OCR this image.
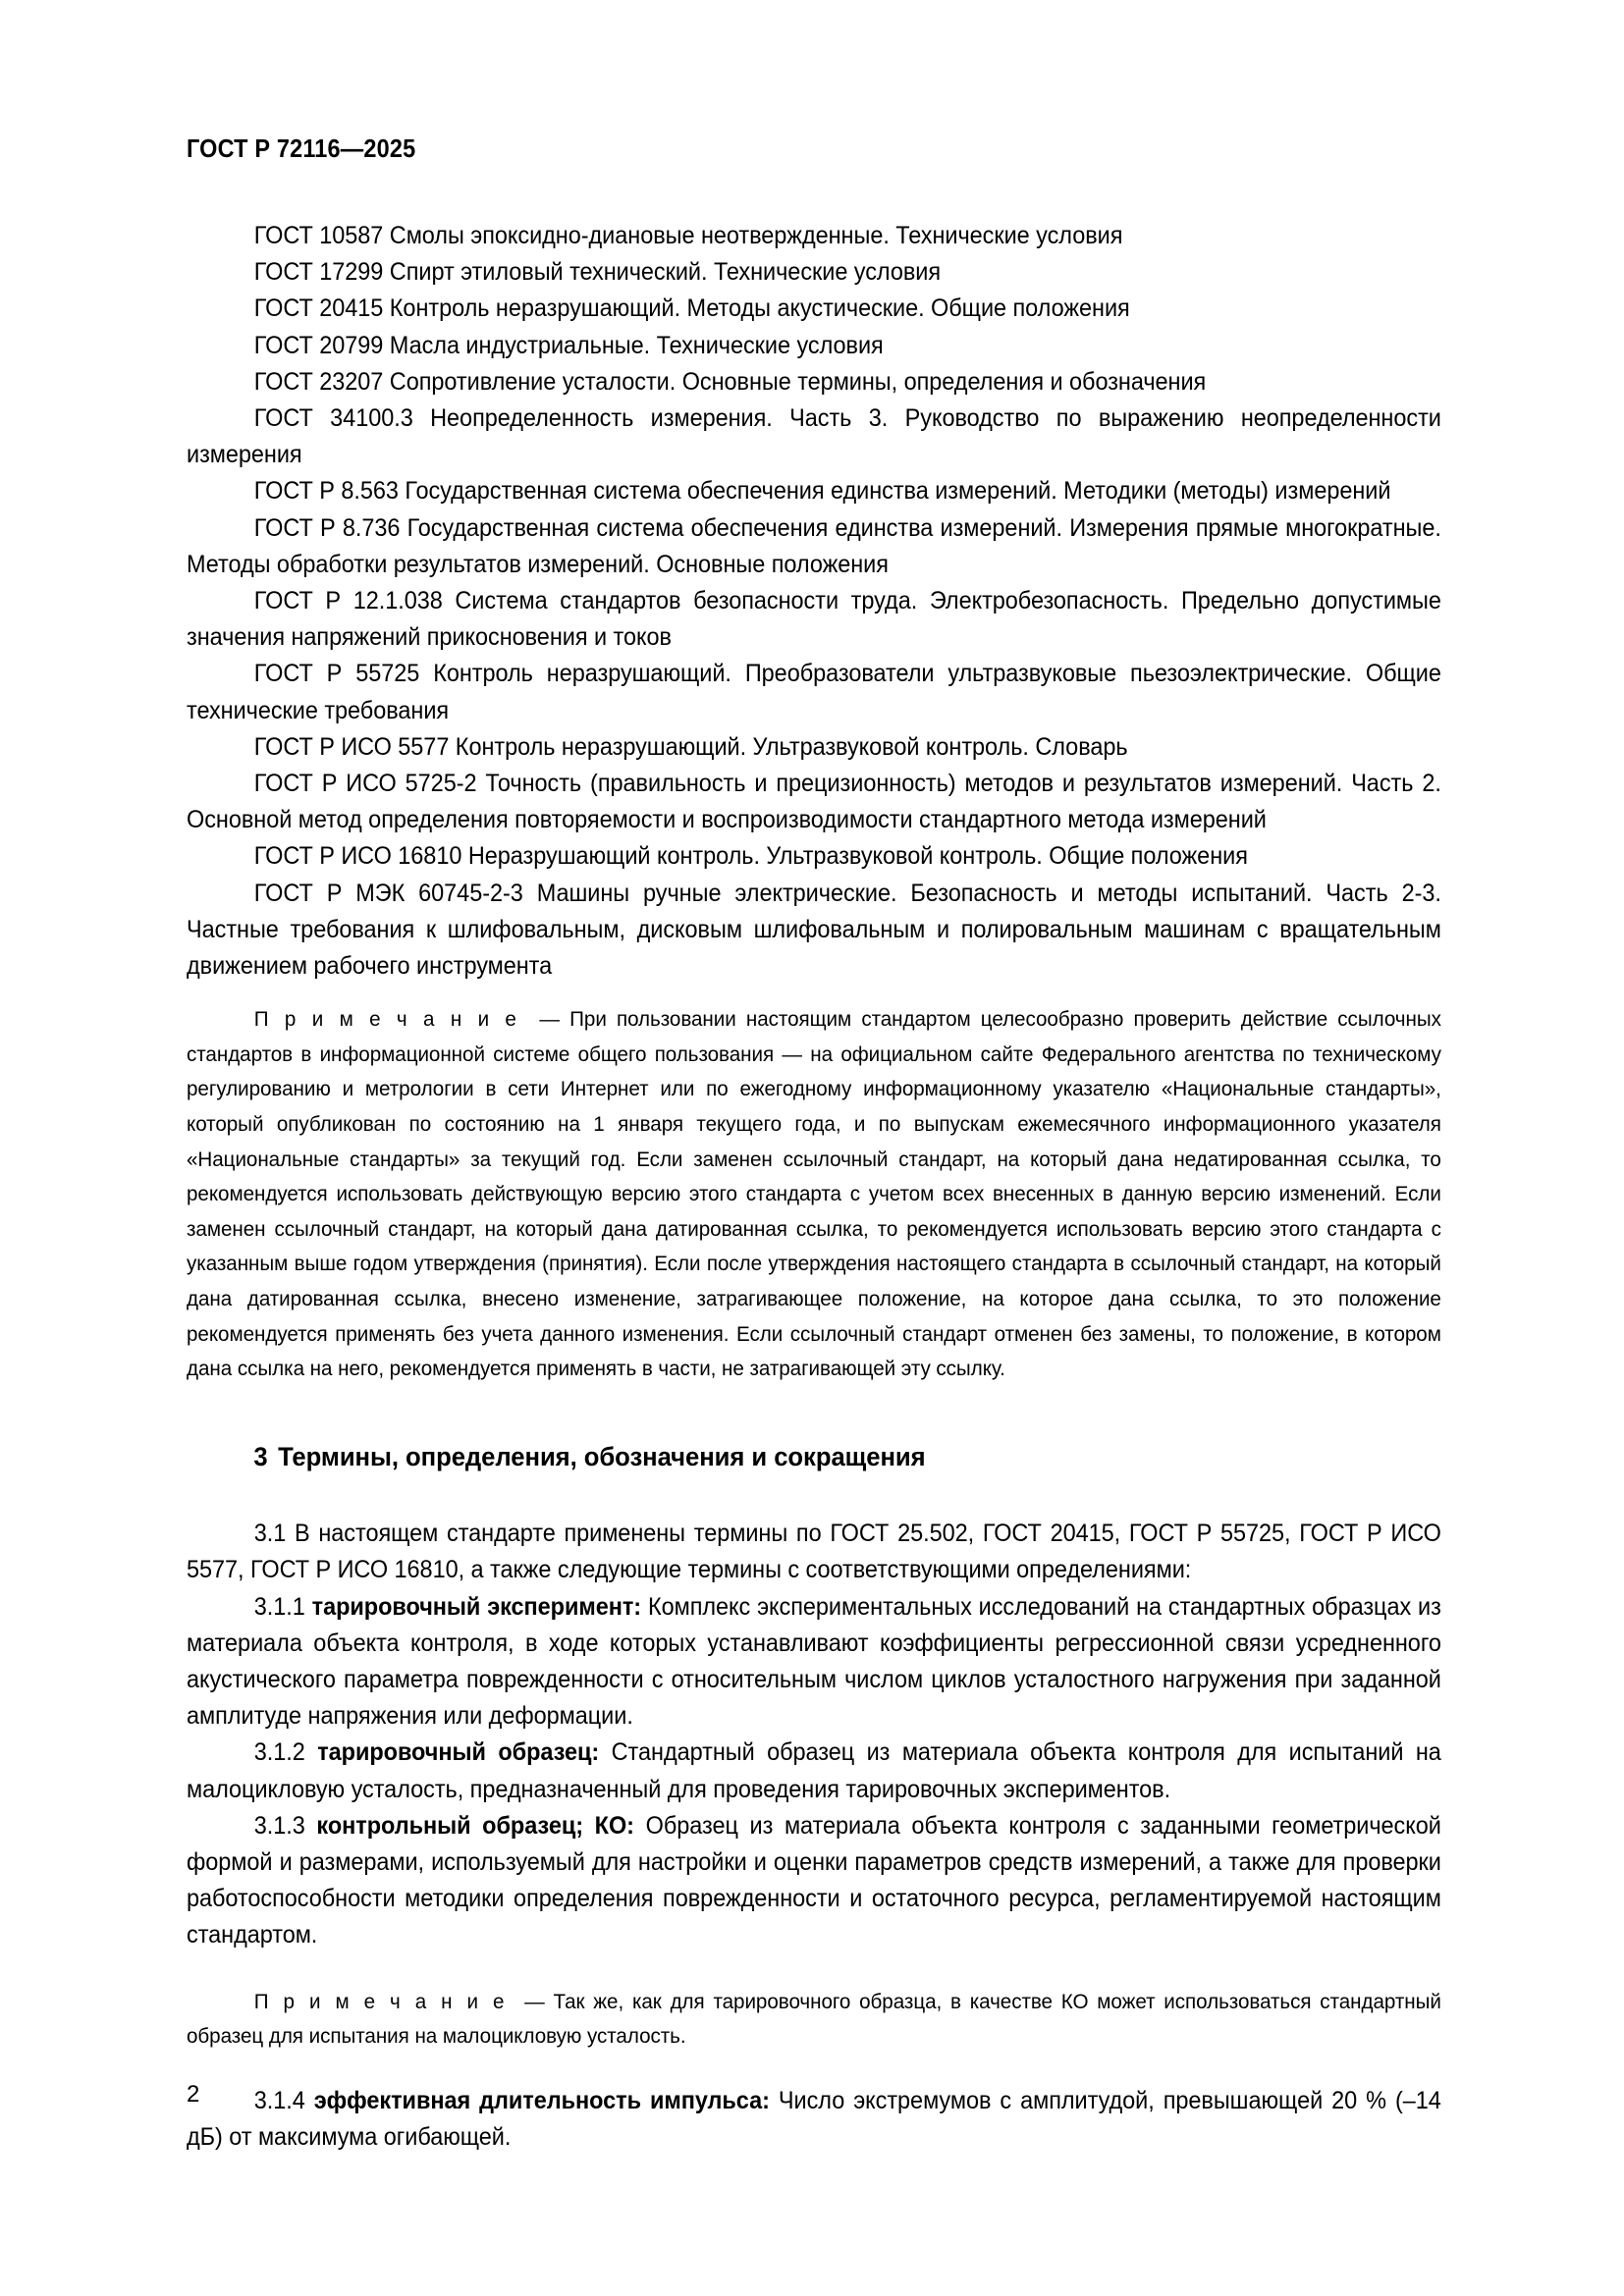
ГОСТ Р 72116—2025

ГОСТ 10587 Смолы эпоксидно-диановые неотвержденные. Технические условия

ГОСТ 17299 Спирт этиловый технический. Технические условия

ГОСТ 20415 Контроль неразрушающий. Методы акустические. Общие положения

ГОСТ 20799 Масла индустриальные. Технические условия

ГОСТ 23207 Сопротивление усталости. Основные термины, определения и обозначения

ГОСТ 34100.3 Неопределенность измерения. Часть 3. Руководство по выражению неопределенности измерения

ГОСТ Р 8.563 Государственная система обеспечения единства измерений. Методики (методы) измерений

ГОСТ Р 8.736 Государственная система обеспечения единства измерений. Измерения прямые многократные. Методы обработки результатов измерений. Основные положения

ГОСТ Р 12.1.038 Система стандартов безопасности труда. Электробезопасность. Предельно допустимые значения напряжений прикосновения и токов

ГОСТ Р 55725 Контроль неразрушающий. Преобразователи ультразвуковые пьезоэлектрические. Общие технические требования

ГОСТ Р ИСО 5577 Контроль неразрушающий. Ультразвуковой контроль. Словарь

ГОСТ Р ИСО 5725-2 Точность (правильность и прецизионность) методов и результатов измерений. Часть 2. Основной метод определения повторяемости и воспроизводимости стандартного метода измерений

ГОСТ Р ИСО 16810 Неразрушающий контроль. Ультразвуковой контроль. Общие положения

ГОСТ Р МЭК 60745-2-3 Машины ручные электрические. Безопасность и методы испытаний. Часть 2-3. Частные требования к шлифовальным, дисковым шлифовальным и полировальным машинам с вращательным движением рабочего инструмента

П р и м е ч а н и е — При пользовании настоящим стандартом целесообразно проверить действие ссылочных стандартов в информационной системе общего пользования — на официальном сайте Федерального агентства по техническому регулированию и метрологии в сети Интернет или по ежегодному информационному указателю «Национальные стандарты», который опубликован по состоянию на 1 января текущего года, и по выпускам ежемесячного информационного указателя «Национальные стандарты» за текущий год. Если заменен ссылочный стандарт, на который дана недатированная ссылка, то рекомендуется использовать действующую версию этого стандарта с учетом всех внесенных в данную версию изменений. Если заменен ссылочный стандарт, на который дана датированная ссылка, то рекомендуется использовать версию этого стандарта с указанным выше годом утверждения (принятия). Если после утверждения настоящего стандарта в ссылочный стандарт, на который дана датированная ссылка, внесено изменение, затрагивающее положение, на которое дана ссылка, то это положение рекомендуется применять без учета данного изменения. Если ссылочный стандарт отменен без замены, то положение, в котором дана ссылка на него, рекомендуется применять в части, не затрагивающей эту ссылку.

3 Термины, определения, обозначения и сокращения

3.1 В настоящем стандарте применены термины по ГОСТ 25.502, ГОСТ 20415, ГОСТ Р 55725, ГОСТ Р ИСО 5577, ГОСТ Р ИСО 16810, а также следующие термины с соответствующими определениями:

3.1.1 тарировочный эксперимент: Комплекс экспериментальных исследований на стандартных образцах из материала объекта контроля, в ходе которых устанавливают коэффициенты регрессионной связи усредненного акустического параметра поврежденности с относительным числом циклов усталостного нагружения при заданной амплитуде напряжения или деформации.

3.1.2 тарировочный образец: Стандартный образец из материала объекта контроля для испытаний на малоцикловую усталость, предназначенный для проведения тарировочных экспериментов.

3.1.3 контрольный образец; КО: Образец из материала объекта контроля с заданными геометрической формой и размерами, используемый для настройки и оценки параметров средств измерений, а также для проверки работоспособности методики определения поврежденности и остаточного ресурса, регламентируемой настоящим стандартом.

П р и м е ч а н и е — Так же, как для тарировочного образца, в качестве КО может использоваться стандартный образец для испытания на малоцикловую усталость.

3.1.4 эффективная длительность импульса: Число экстремумов с амплитудой, превышающей 20 % (–14 дБ) от максимума огибающей.

2
